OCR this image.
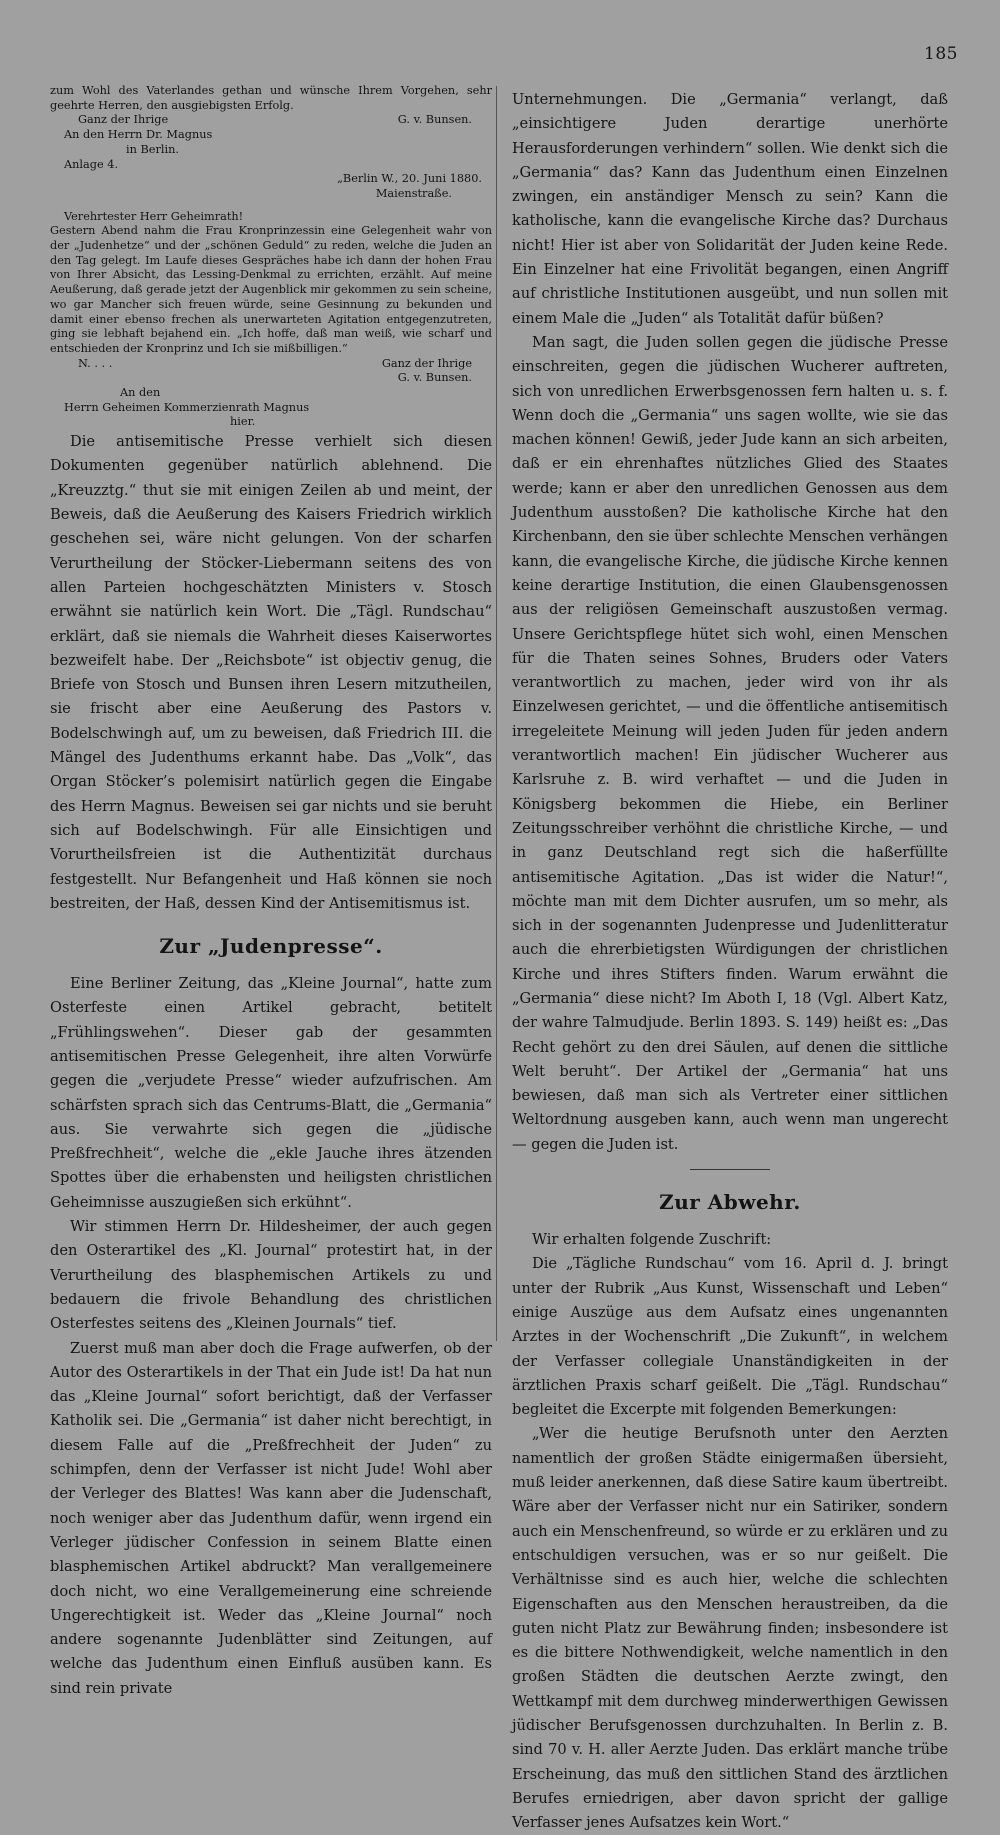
185

zum Wohl des Vaterlandes gethan und wünsche Ihrem Vorgehen, sehr geehrte Herren, den ausgiebigsten Erfolg.

Ganz der Ihrige	G. v. Bunsen.
An den Herrn Dr. Magnus
in Berlin.
Anlage 4.
„Berlin W., 20. Juni 1880.
Maienstraße.

Verehrtester Herr Geheimrath!

Gestern Abend nahm die Frau Kronprinzessin eine Gelegenheit wahr von der „Judenhetze“ und der „schönen Geduld“ zu reden, welche die Juden an den Tag gelegt. Im Laufe dieses Gespräches habe ich dann der hohen Frau von Ihrer Absicht, das Lessing-Denkmal zu errichten, erzählt. Auf meine Aeußerung, daß gerade jetzt der Augenblick mir gekommen zu sein scheine, wo gar Mancher sich freuen würde, seine Gesinnung zu bekunden und damit einer ebenso frechen als unerwarteten Agitation entgegenzutreten, ging sie lebhaft bejahend ein. „Ich hoffe, daß man weiß, wie scharf und entschieden der Kronprinz und Ich sie mißbilligen.“

N. . . .	Ganz der Ihrige
G. v. Bunsen.
An den
Herrn Geheimen Kommerzienrath Magnus
hier.

Die antisemitische Presse verhielt sich diesen Dokumenten gegenüber natürlich ablehnend. Die „Kreuzztg.“ thut sie mit einigen Zeilen ab und meint, der Beweis, daß die Aeußerung des Kaisers Friedrich wirklich geschehen sei, wäre nicht gelungen. Von der scharfen Verurtheilung der Stöcker-Liebermann seitens des von allen Parteien hochgeschätzten Ministers v. Stosch erwähnt sie natürlich kein Wort. Die „Tägl. Rundschau“ erklärt, daß sie niemals die Wahrheit dieses Kaiserwortes bezweifelt habe. Der „Reichsbote“ ist objectiv genug, die Briefe von Stosch und Bunsen ihren Lesern mitzutheilen, sie frischt aber eine Aeußerung des Pastors v. Bodelschwingh auf, um zu beweisen, daß Friedrich III. die Mängel des Judenthums erkannt habe. Das „Volk“, das Organ Stöcker’s polemisirt natürlich gegen die Eingabe des Herrn Magnus. Beweisen sei gar nichts und sie beruht sich auf Bodelschwingh. Für alle Einsichtigen und Vorurtheilsfreien ist die Authentizität durchaus festgestellt. Nur Befangenheit und Haß können sie noch bestreiten, der Haß, dessen Kind der Antisemitismus ist.

Zur „Judenpresse“.

Eine Berliner Zeitung, das „Kleine Journal“, hatte zum Osterfeste einen Artikel gebracht, betitelt „Frühlingswehen“. Dieser gab der gesammten antisemitischen Presse Gelegenheit, ihre alten Vorwürfe gegen die „verjudete Presse“ wieder aufzufrischen. Am schärfsten sprach sich das Centrums-Blatt, die „Germania“ aus. Sie verwahrte sich gegen die „jüdische Preßfrechheit“, welche die „ekle Jauche ihres ätzenden Spottes über die erhabensten und heiligsten christlichen Geheimnisse auszugießen sich erkühnt“.

Wir stimmen Herrn Dr. Hildesheimer, der auch gegen den Osterartikel des „Kl. Journal“ protestirt hat, in der Verurtheilung des blasphemischen Artikels zu und bedauern die frivole Behandlung des christlichen Osterfestes seitens des „Kleinen Journals“ tief.

Zuerst muß man aber doch die Frage aufwerfen, ob der Autor des Osterartikels in der That ein Jude ist! Da hat nun das „Kleine Journal“ sofort berichtigt, daß der Verfasser Katholik sei. Die „Germania“ ist daher nicht berechtigt, in diesem Falle auf die „Preßfrechheit der Juden“ zu schimpfen, denn der Verfasser ist nicht Jude! Wohl aber der Verleger des Blattes! Was kann aber die Judenschaft, noch weniger aber das Judenthum dafür, wenn irgend ein Verleger jüdischer Confession in seinem Blatte einen blasphemischen Artikel abdruckt? Man verallgemeinere doch nicht, wo eine Verallgemeinerung eine schreiende Ungerechtigkeit ist. Weder das „Kleine Journal“ noch andere sogenannte Judenblätter sind Zeitungen, auf welche das Judenthum einen Einfluß ausüben kann. Es sind rein private

Unternehmungen. Die „Germania“ verlangt, daß „einsichtigere Juden derartige unerhörte Herausforderungen verhindern“ sollen. Wie denkt sich die „Germania“ das? Kann das Judenthum einen Einzelnen zwingen, ein anständiger Mensch zu sein? Kann die katholische, kann die evangelische Kirche das? Durchaus nicht! Hier ist aber von Solidarität der Juden keine Rede. Ein Einzelner hat eine Frivolität begangen, einen Angriff auf christliche Institutionen ausgeübt, und nun sollen mit einem Male die „Juden“ als Totalität dafür büßen?

Man sagt, die Juden sollen gegen die jüdische Presse einschreiten, gegen die jüdischen Wucherer auftreten, sich von unredlichen Erwerbsgenossen fern halten u. s. f. Wenn doch die „Germania“ uns sagen wollte, wie sie das machen können! Gewiß, jeder Jude kann an sich arbeiten, daß er ein ehrenhaftes nützliches Glied des Staates werde; kann er aber den unredlichen Genossen aus dem Judenthum ausstoßen? Die katholische Kirche hat den Kirchenbann, den sie über schlechte Menschen verhängen kann, die evangelische Kirche, die jüdische Kirche kennen keine derartige Institution, die einen Glaubensgenossen aus der religiösen Gemeinschaft auszustoßen vermag. Unsere Gerichtspflege hütet sich wohl, einen Menschen für die Thaten seines Sohnes, Bruders oder Vaters verantwortlich zu machen, jeder wird von ihr als Einzelwesen gerichtet, — und die öffentliche antisemitisch irregeleitete Meinung will jeden Juden für jeden andern verantwortlich machen! Ein jüdischer Wucherer aus Karlsruhe z. B. wird verhaftet — und die Juden in Königsberg bekommen die Hiebe, ein Berliner Zeitungsschreiber verhöhnt die christliche Kirche, — und in ganz Deutschland regt sich die haßerfüllte antisemitische Agitation. „Das ist wider die Natur!“, möchte man mit dem Dichter ausrufen, um so mehr, als sich in der sogenannten Judenpresse und Judenlitteratur auch die ehrerbietigsten Würdigungen der christlichen Kirche und ihres Stifters finden. Warum erwähnt die „Germania“ diese nicht? Im Aboth I, 18 (Vgl. Albert Katz, der wahre Talmudjude. Berlin 1893. S. 149) heißt es: „Das Recht gehört zu den drei Säulen, auf denen die sittliche Welt beruht“. Der Artikel der „Germania“ hat uns bewiesen, daß man sich als Vertreter einer sittlichen Weltordnung ausgeben kann, auch wenn man ungerecht — gegen die Juden ist.

Zur Abwehr.

Wir erhalten folgende Zuschrift:

Die „Tägliche Rundschau“ vom 16. April d. J. bringt unter der Rubrik „Aus Kunst, Wissenschaft und Leben“ einige Auszüge aus dem Aufsatz eines ungenannten Arztes in der Wochenschrift „Die Zukunft“, in welchem der Verfasser collegiale Unanständigkeiten in der ärztlichen Praxis scharf geißelt. Die „Tägl. Rundschau“ begleitet die Excerpte mit folgenden Bemerkungen:

„Wer die heutige Berufsnoth unter den Aerzten namentlich der großen Städte einigermaßen übersieht, muß leider anerkennen, daß diese Satire kaum übertreibt. Wäre aber der Verfasser nicht nur ein Satiriker, sondern auch ein Menschenfreund, so würde er zu erklären und zu entschuldigen versuchen, was er so nur geißelt. Die Verhältnisse sind es auch hier, welche die schlechten Eigenschaften aus den Menschen heraustreiben, da die guten nicht Platz zur Bewährung finden; insbesondere ist es die bittere Nothwendigkeit, welche namentlich in den großen Städten die deutschen Aerzte zwingt, den Wettkampf mit dem durchweg minderwerthigen Gewissen jüdischer Berufsgenossen durchzuhalten. In Berlin z. B. sind 70 v. H. aller Aerzte Juden. Das erklärt manche trübe Erscheinung, das muß den sittlichen Stand des ärztlichen Berufes erniedrigen, aber davon spricht der gallige Verfasser jenes Aufsatzes kein Wort.“
